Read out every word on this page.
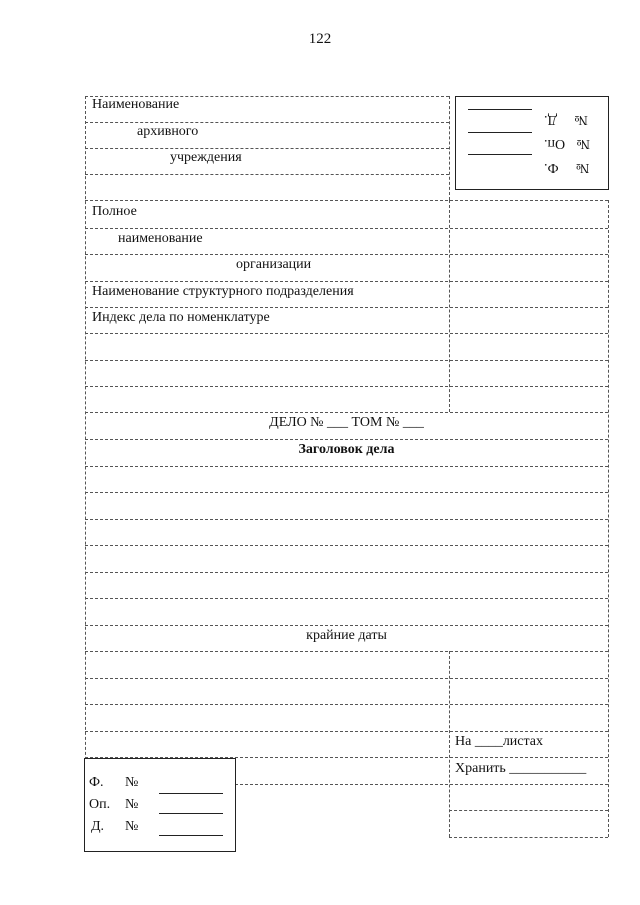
122
Наименование
архивного
учреждения
Полное
наименование
организации
Наименование структурного подразделения
Индекс дела по номенклатуре
ДЕЛО № ___ ТОМ № ___
Заголовок дела
крайние даты
На ____листах
Хранить ___________
№ Д.
№ Оп.
№ Ф.
Ф. №
Оп. №
Д. №
